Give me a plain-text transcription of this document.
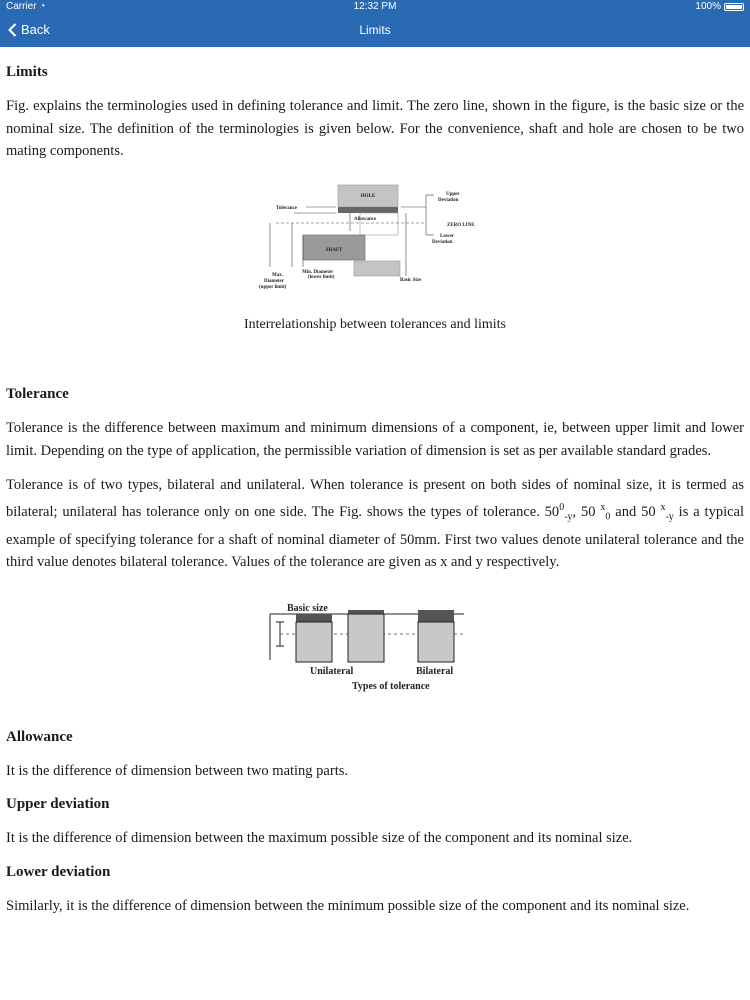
Carrier ◔	12:32 PM	100%
Back	Limits
Limits

Fig. explains the terminologies used in defining tolerance and limit. The zero line, shown in the figure, is the basic size or the nominal size. The definition of the terminologies is given below. For the convenience, shaft and hole are chosen to be two mating components.

HOLE
SHAFT
Upper
Deviation
Tolerance
Allowance
ZERO LINE
Lower
Deviation
Min. Diameter
(lower limit)
Max.
Diameter
(upper limit)
Basic Size

Interrelationship between tolerances and limits

Tolerance

Tolerance is the difference between maximum and minimum dimensions of a component, ie, between upper limit and lower limit. Depending on the type of application, the permissible variation of dimension is set as per available standard grades.

Tolerance is of two types, bilateral and unilateral. When tolerance is present on both sides of nominal size, it is termed as bilateral; unilateral has tolerance only on one side. The Fig. shows the types of tolerance. $50^0_{-y}$, 50 $^x_0$ and 50 $^x_{-y}$ is a typical example of specifying tolerance for a shaft of nominal diameter of 50mm. First two values denote unilateral tolerance and the third value denotes bilateral tolerance. Values of the tolerance are given as x and y respectively.

Basic size
Unilateral	Bilateral
Types of tolerance
Allowance

It is the difference of dimension between two mating parts.

Upper deviation

It is the difference of dimension between the maximum possible size of the component and its nominal size.

Lower deviation

Similarly, it is the difference of dimension between the minimum possible size of the component and its nominal size.
